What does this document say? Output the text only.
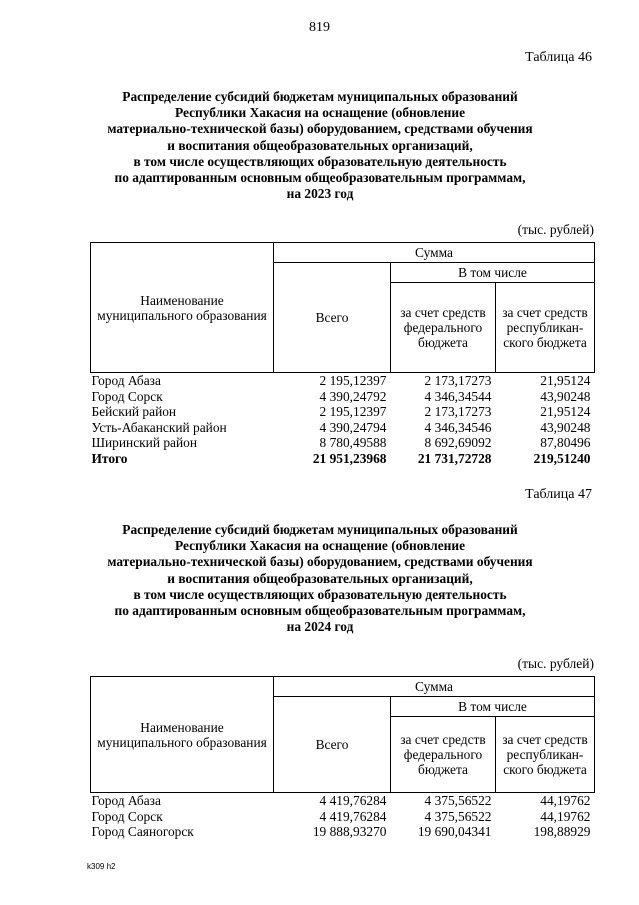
819
Таблица 46
Распределение субсидий бюджетам муниципальных образований
Республики Хакасия на оснащение (обновление
материально-технической базы) оборудованием, средствами обучения
и воспитания общеобразовательных организаций,
в том числе осуществляющих образовательную деятельность
по адаптированным основным общеобразовательным программам,
на 2023 год
(тыс. рублей)
Наименование муниципального образования	Сумма		
	Всего	В том числе	
		за счет средств федерального бюджета	за счет средств республикан-ского бюджета
Город Абаза	2 195,12397	2 173,17273	21,95124
Город Сорск	4 390,24792	4 346,34544	43,90248
Бейский район	2 195,12397	2 173,17273	21,95124
Усть-Абаканский район	4 390,24794	4 346,34546	43,90248
Ширинский район	8 780,49588	8 692,69092	87,80496
Итого	21 951,23968	21 731,72728	219,51240
Таблица 47
Распределение субсидий бюджетам муниципальных образований
Республики Хакасия на оснащение (обновление
материально-технической базы) оборудованием, средствами обучения
и воспитания общеобразовательных организаций,
в том числе осуществляющих образовательную деятельность
по адаптированным основным общеобразовательным программам,
на 2024 год
(тыс. рублей)
Наименование муниципального образования	Сумма		
	Всего	В том числе	
		за счет средств федерального бюджета	за счет средств республикан-ского бюджета
Город Абаза	4 419,76284	4 375,56522	44,19762
Город Сорск	4 419,76284	4 375,56522	44,19762
Город Саяногорск	19 888,93270	19 690,04341	198,88929
k309 h2
